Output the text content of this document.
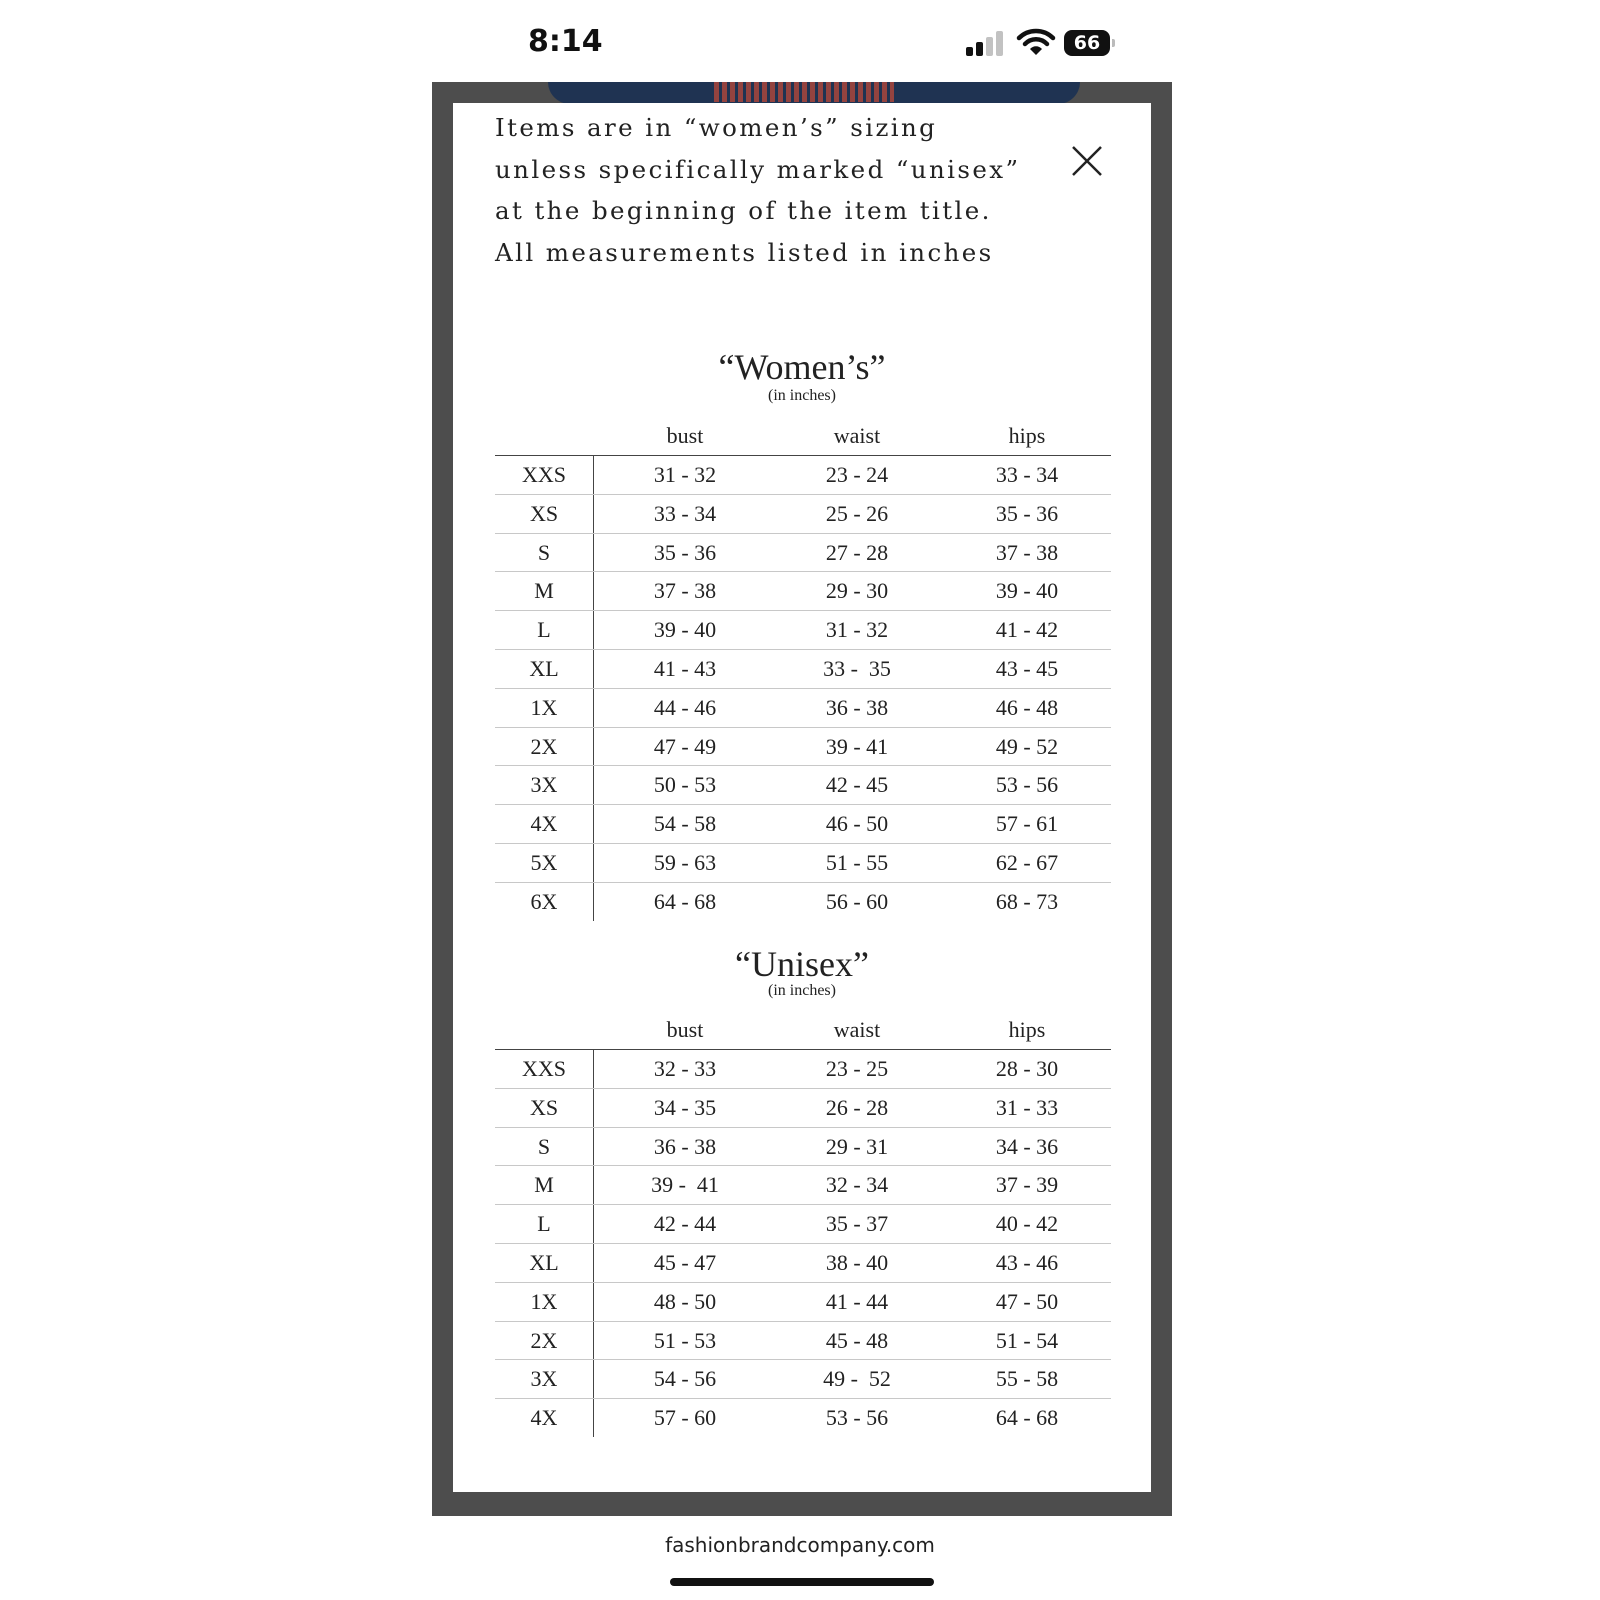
8:14	66

Items are in “women’s” sizing unless specifically marked “unisex” at the beginning of the item title. All measurements listed in inches

“Women’s”

(in inches)

bust	waist	hips
XXS	31 - 32	23 - 24	33 - 34
XS	33 - 34	25 - 26	35 - 36
S	35 - 36	27 - 28	37 - 38
M	37 - 38	29 - 30	39 - 40
L	39 - 40	31 - 32	41 - 42
XL	41 - 43	33 -  35	43 - 45
1X	44 - 46	36 - 38	46 - 48
2X	47 - 49	39 - 41	49 - 52
3X	50 - 53	42 - 45	53 - 56
4X	54 - 58	46 - 50	57 - 61
5X	59 - 63	51 - 55	62 - 67
6X	64 - 68	56 - 60	68 - 73
“Unisex”

(in inches)

bust	waist	hips
XXS	32 - 33	23 - 25	28 - 30
XS	34 - 35	26 - 28	31 - 33
S	36 - 38	29 - 31	34 - 36
M	39 -  41	32 - 34	37 - 39
L	42 - 44	35 - 37	40 - 42
XL	45 - 47	38 - 40	43 - 46
1X	48 - 50	41 - 44	47 - 50
2X	51 - 53	45 - 48	51 - 54
3X	54 - 56	49 -  52	55 - 58
4X	57 - 60	53 - 56	64 - 68
fashionbrandcompany.com
